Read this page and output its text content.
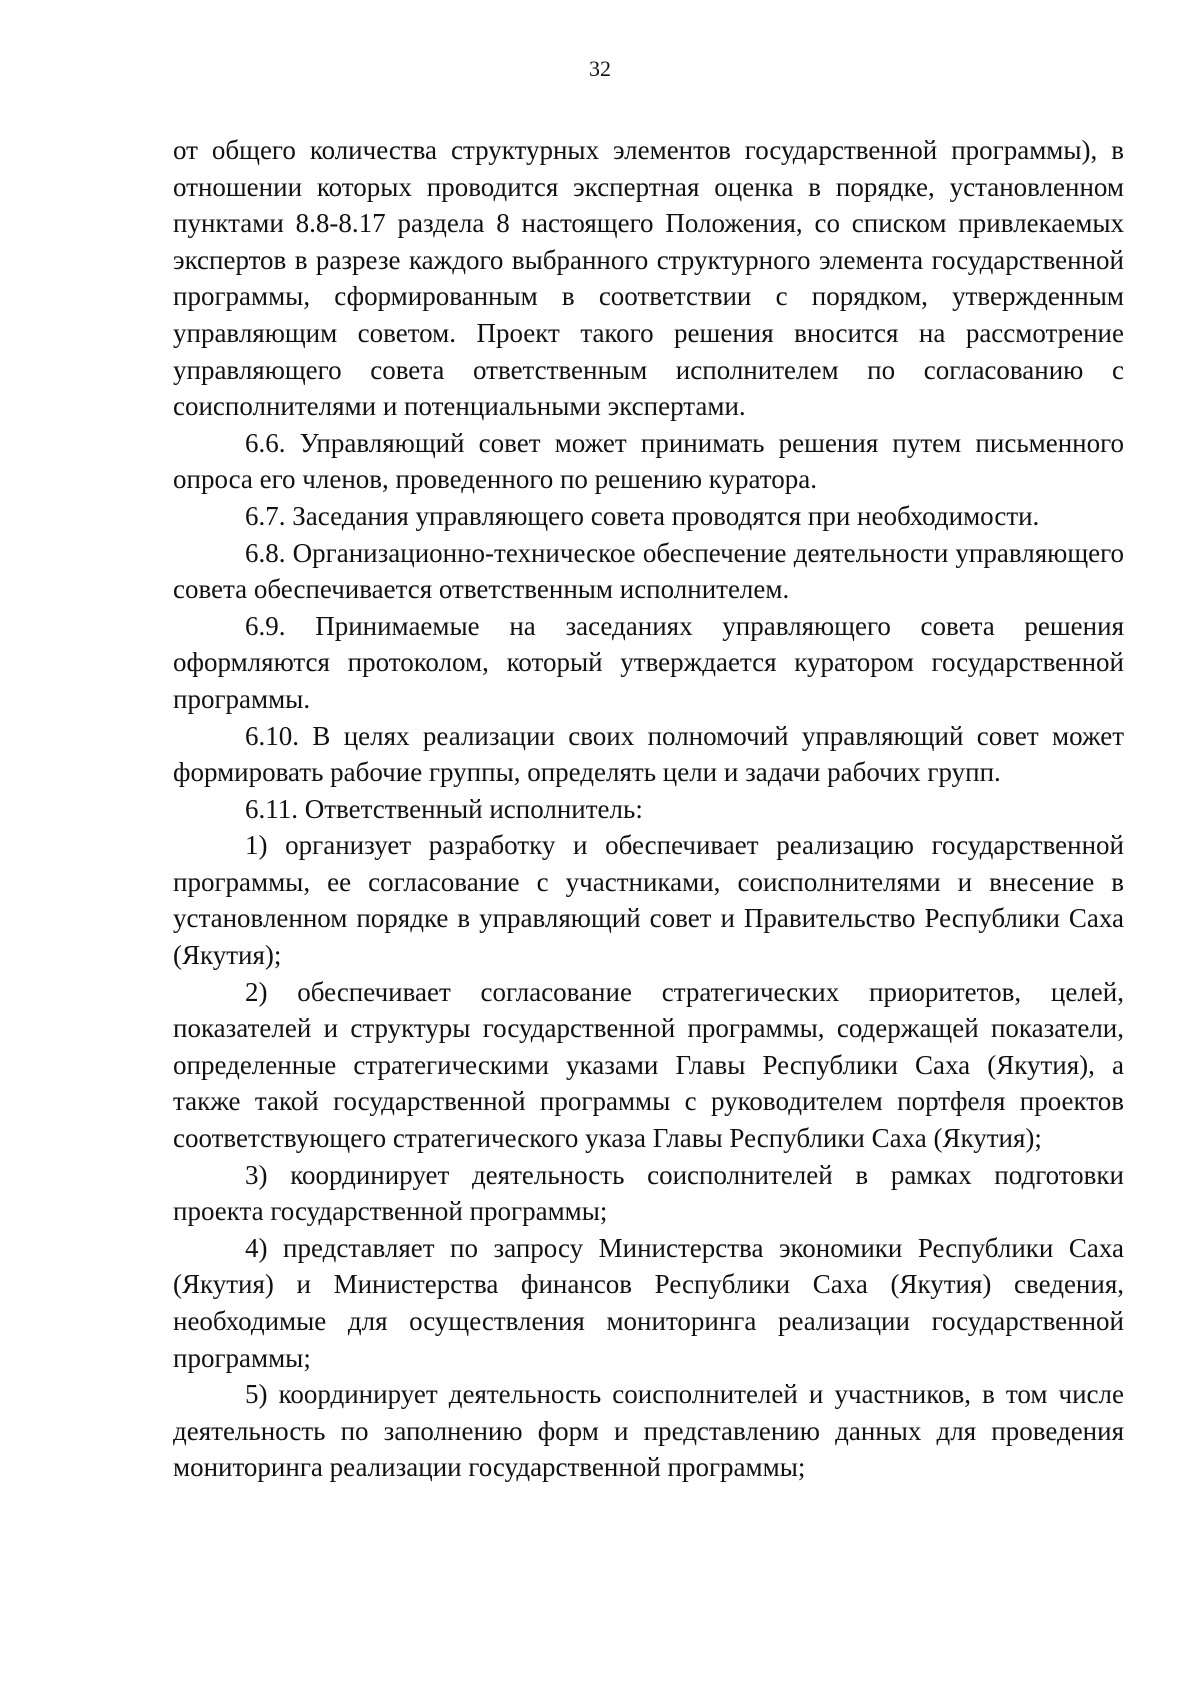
32

от общего количества структурных элементов государственной программы), в отношении которых проводится экспертная оценка в порядке, установленном пунктами 8.8-8.17 раздела 8 настоящего Положения, со списком привлекаемых экспертов в разрезе каждого выбранного структурного элемента государственной программы, сформированным в соответствии с порядком, утвержденным управляющим советом. Проект такого решения вносится на рассмотрение управляющего совета ответственным исполнителем по согласованию с соисполнителями и потенциальными экспертами.

6.6. Управляющий совет может принимать решения путем письменного опроса его членов, проведенного по решению куратора.

6.7. Заседания управляющего совета проводятся при необходимости.

6.8. Организационно-техническое обеспечение деятельности управляющего совета обеспечивается ответственным исполнителем.

6.9. Принимаемые на заседаниях управляющего совета решения оформляются протоколом, который утверждается куратором государственной программы.

6.10. В целях реализации своих полномочий управляющий совет может формировать рабочие группы, определять цели и задачи рабочих групп.

6.11. Ответственный исполнитель:

1) организует разработку и обеспечивает реализацию государственной программы, ее согласование с участниками, соисполнителями и внесение в установленном порядке в управляющий совет и Правительство Республики Саха (Якутия);

2) обеспечивает согласование стратегических приоритетов, целей, показателей и структуры государственной программы, содержащей показатели, определенные стратегическими указами Главы Республики Саха (Якутия), а также такой государственной программы с руководителем портфеля проектов соответствующего стратегического указа Главы Республики Саха (Якутия);

3) координирует деятельность соисполнителей в рамках подготовки проекта государственной программы;

4) представляет по запросу Министерства экономики Республики Саха (Якутия) и Министерства финансов Республики Саха (Якутия) сведения, необходимые для осуществления мониторинга реализации государственной программы;

5) координирует деятельность соисполнителей и участников, в том числе деятельность по заполнению форм и представлению данных для проведения мониторинга реализации государственной программы;
